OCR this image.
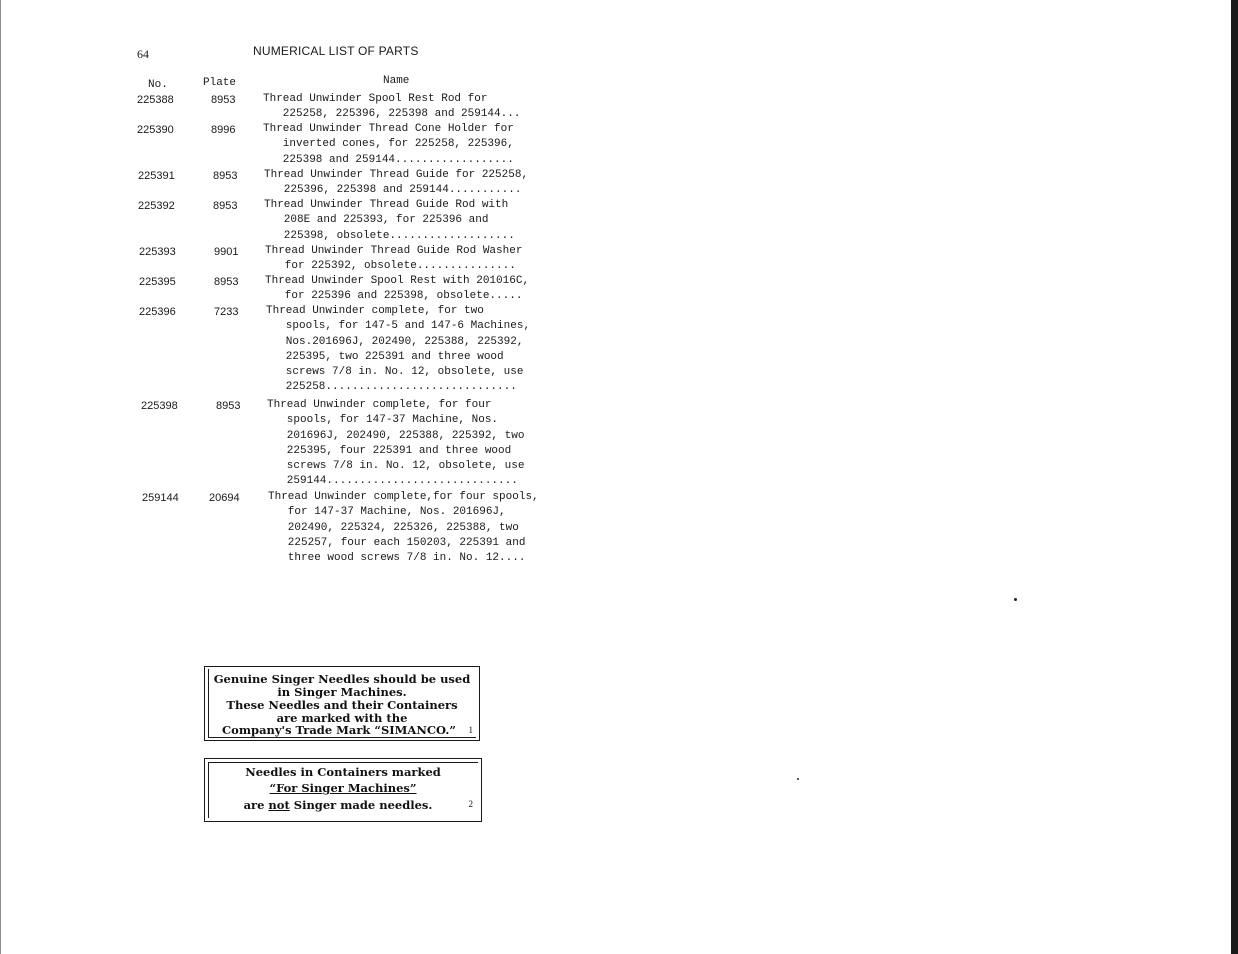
64	NUMERICAL LIST OF PARTS
No.	Plate	Name
225388	8953	Thread Unwinder Spool Rest Rod for
225258, 225396, 225398 and 259144...
225390	8996	Thread Unwinder Thread Cone Holder for
inverted cones, for 225258, 225396,
225398 and 259144..................
225391	8953 Thread Unwinder Thread Guide for 225258,
225396, 225398 and 259144...........
225392	8953 Thread Unwinder Thread Guide Rod with
208E and 225393, for 225396 and
225398, obsolete...................
225393	9901 Thread Unwinder Thread Guide Rod Washer
for 225392, obsolete...............
225395	8953 Thread Unwinder Spool Rest with 201016C,
for 225396 and 225398, obsolete.....
225396	7233	Thread Unwinder complete, for two
spools, for 147-5 and 147-6 Machines,
Nos.201696J, 202490, 225388, 225392,
225395, two 225391 and three wood
screws 7/8 in. No. 12, obsolete, use
225258.............................
225398	8953 Thread Unwinder complete, for four
spools, for 147-37 Machine, Nos.
201696J, 202490, 225388, 225392, two
225395, four 225391 and three wood
screws 7/8 in. No. 12, obsolete, use
259144.............................
259144	20694	Thread Unwinder complete,for four spools,
for 147-37 Machine, Nos. 201696J,
202490, 225324, 225326, 225388, two
225257, four each 150203, 225391 and
three wood screws 7/8 in. No. 12....
Genuine Singer Needles should be used
in Singer Machines.
These Needles and their Containers
are marked with the
Company's Trade Mark “SIMANCO.”	1
Needles in Containers marked
“For Singer Machines”
are not Singer made needles.	2
